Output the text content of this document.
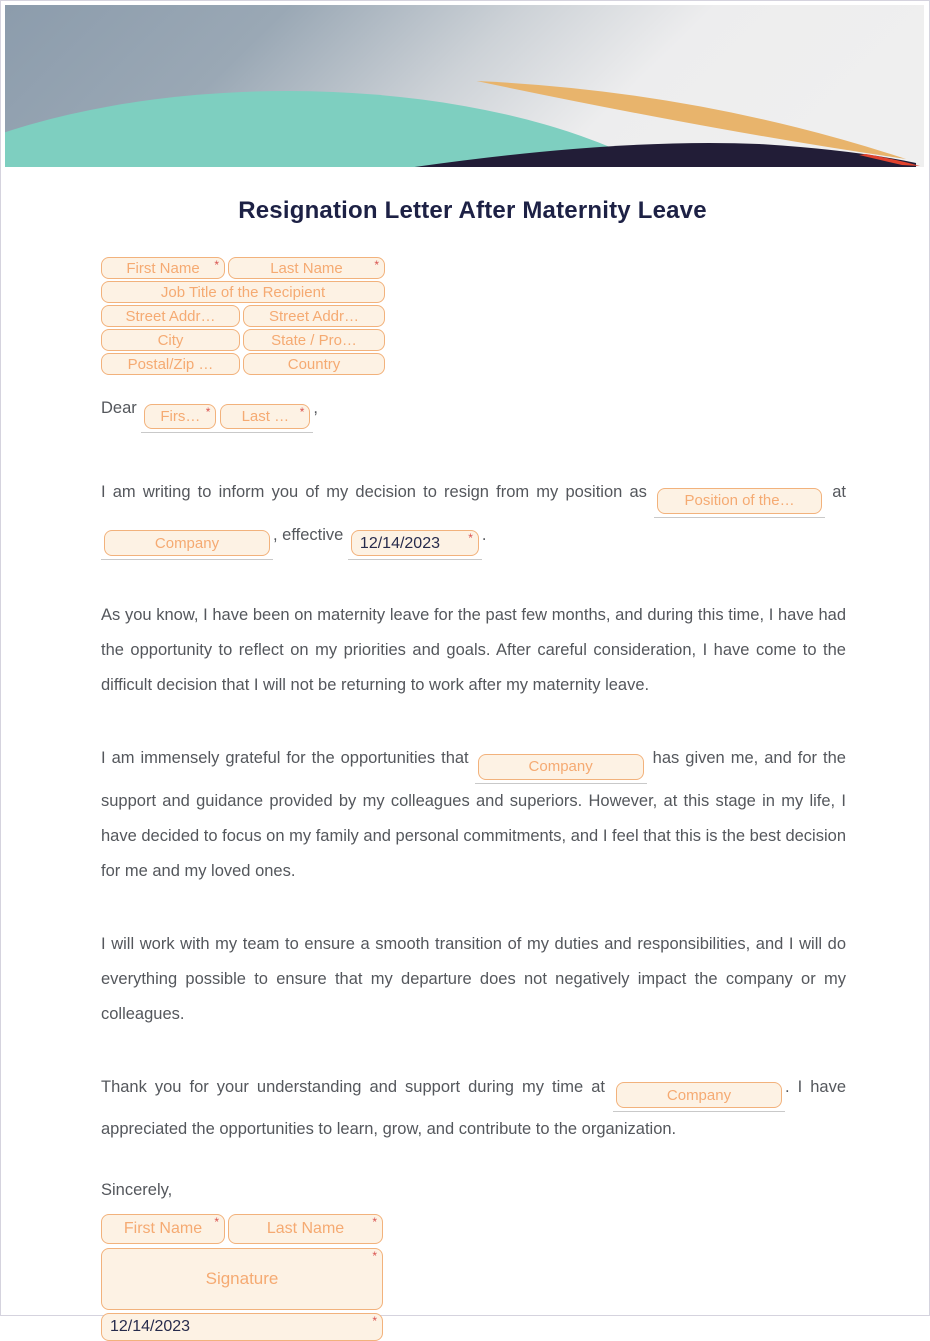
Resignation Letter After Maternity Leave
First Name	*	Last Name	*
Job Title of the Recipient
Street Addr…	Street Addr…
City	State / Pro…
Postal/Zip …	Country
Dear Firs… * Last … * ,

I am writing to inform you of my decision to resign from my position as	Position of the… at
Company	, effective	12/14/2023	* .

As you know, I have been on maternity leave for the past few months, and during this time, I have had the opportunity to reflect on my priorities and goals. After careful consideration, I have come to the difficult decision that I will not be returning to work after my maternity leave.

I am immensely grateful for the opportunities that	Company	has given me, and for the support and guidance provided by my colleagues and superiors. However, at this stage in my life, I have decided to focus on my family and personal commitments, and I feel that this is the best decision for me and my loved ones.

I will work with my team to ensure a smooth transition of my duties and responsibilities, and I will do everything possible to ensure that my departure does not negatively impact the company or my colleagues.

Thank you for your understanding and support during my time at	Company	. I have appreciated the opportunities to learn, grow, and contribute to the organization.

Sincerely,
First Name	*	Last Name	*
Signature
*
12/14/2023	*
